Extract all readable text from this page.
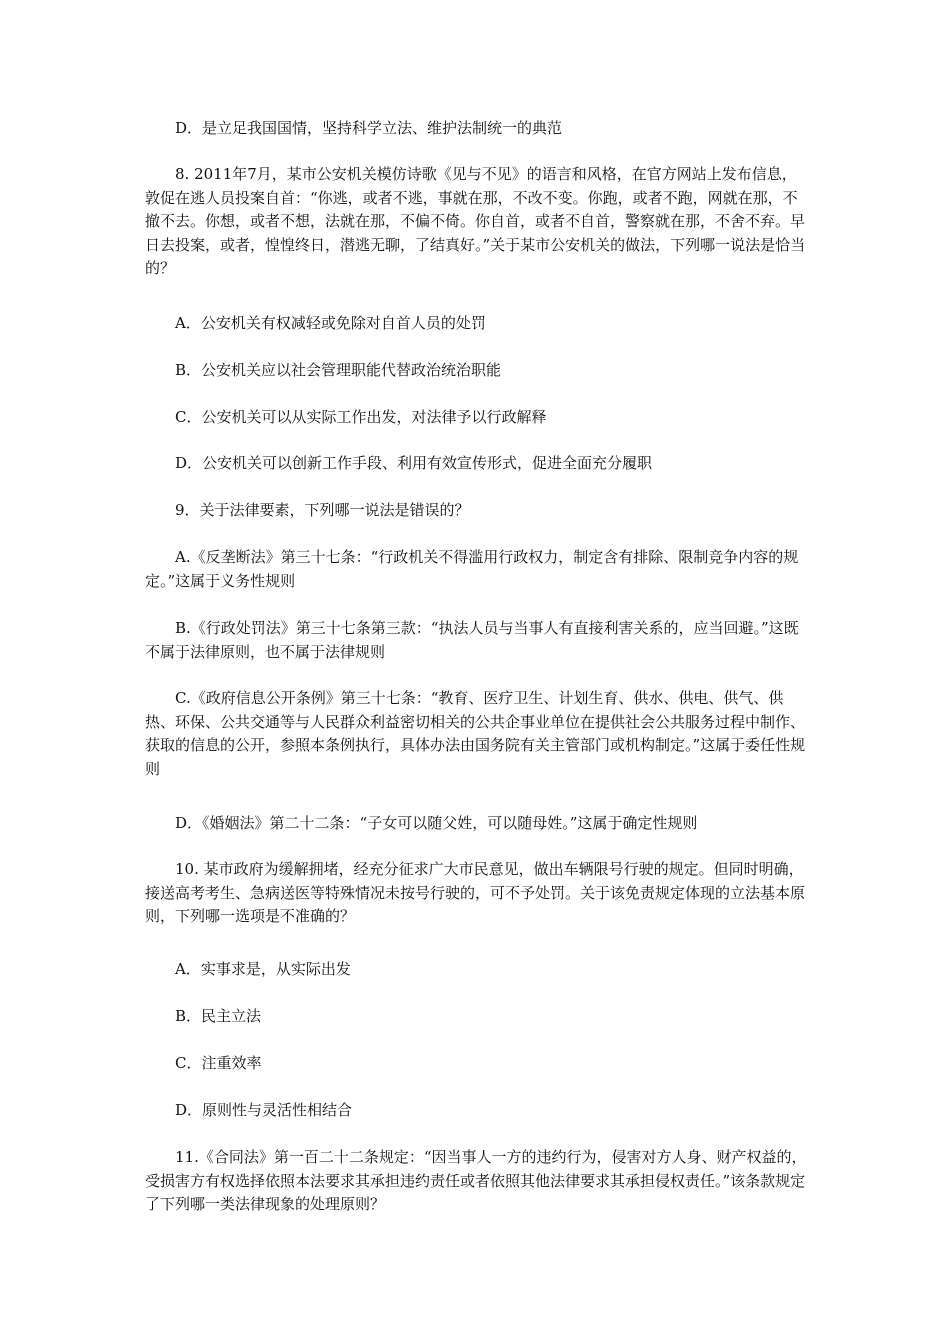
D．是立足我国国情，坚持科学立法、维护法制统一的典范

8. 2011年7月，某市公安机关模仿诗歌《见与不见》的语言和风格，在官方网站上发布信息，敦促在逃人员投案自首：“你逃，或者不逃，事就在那，不改不变。你跑，或者不跑，网就在那，不撤不去。你想，或者不想，法就在那，不偏不倚。你自首，或者不自首，警察就在那，不舍不弃。早日去投案，或者，惶惶终日，潜逃无聊，了结真好。”关于某市公安机关的做法，下列哪一说法是恰当的？

A．公安机关有权减轻或免除对自首人员的处罚

B．公安机关应以社会管理职能代替政治统治职能

C．公安机关可以从实际工作出发，对法律予以行政解释

D．公安机关可以创新工作手段、利用有效宣传形式，促进全面充分履职

9．关于法律要素，下列哪一说法是错误的？

A.《反垄断法》第三十七条：“行政机关不得滥用行政权力，制定含有排除、限制竞争内容的规定。”这属于义务性规则

B.《行政处罚法》第三十七条第三款：“执法人员与当事人有直接利害关系的，应当回避。”这既不属于法律原则，也不属于法律规则

C.《政府信息公开条例》第三十七条：“教育、医疗卫生、计划生育、供水、供电、供气、供热、环保、公共交通等与人民群众利益密切相关的公共企事业单位在提供社会公共服务过程中制作、获取的信息的公开，参照本条例执行，具体办法由国务院有关主管部门或机构制定。”这属于委任性规则

D．《婚姻法》第二十二条：“子女可以随父姓，可以随母姓。”这属于确定性规则

10. 某市政府为缓解拥堵，经充分征求广大市民意见，做出车辆限号行驶的规定。但同时明确，接送高考考生、急病送医等特殊情况未按号行驶的，可不予处罚。关于该免责规定体现的立法基本原则，下列哪一选项是不准确的？

A．实事求是，从实际出发

B．民主立法

C．注重效率

D．原则性与灵活性相结合

11.《合同法》第一百二十二条规定：“因当事人一方的违约行为，侵害对方人身、财产权益的，受损害方有权选择依照本法要求其承担违约责任或者依照其他法律要求其承担侵权责任。”该条款规定了下列哪一类法律现象的处理原则？
